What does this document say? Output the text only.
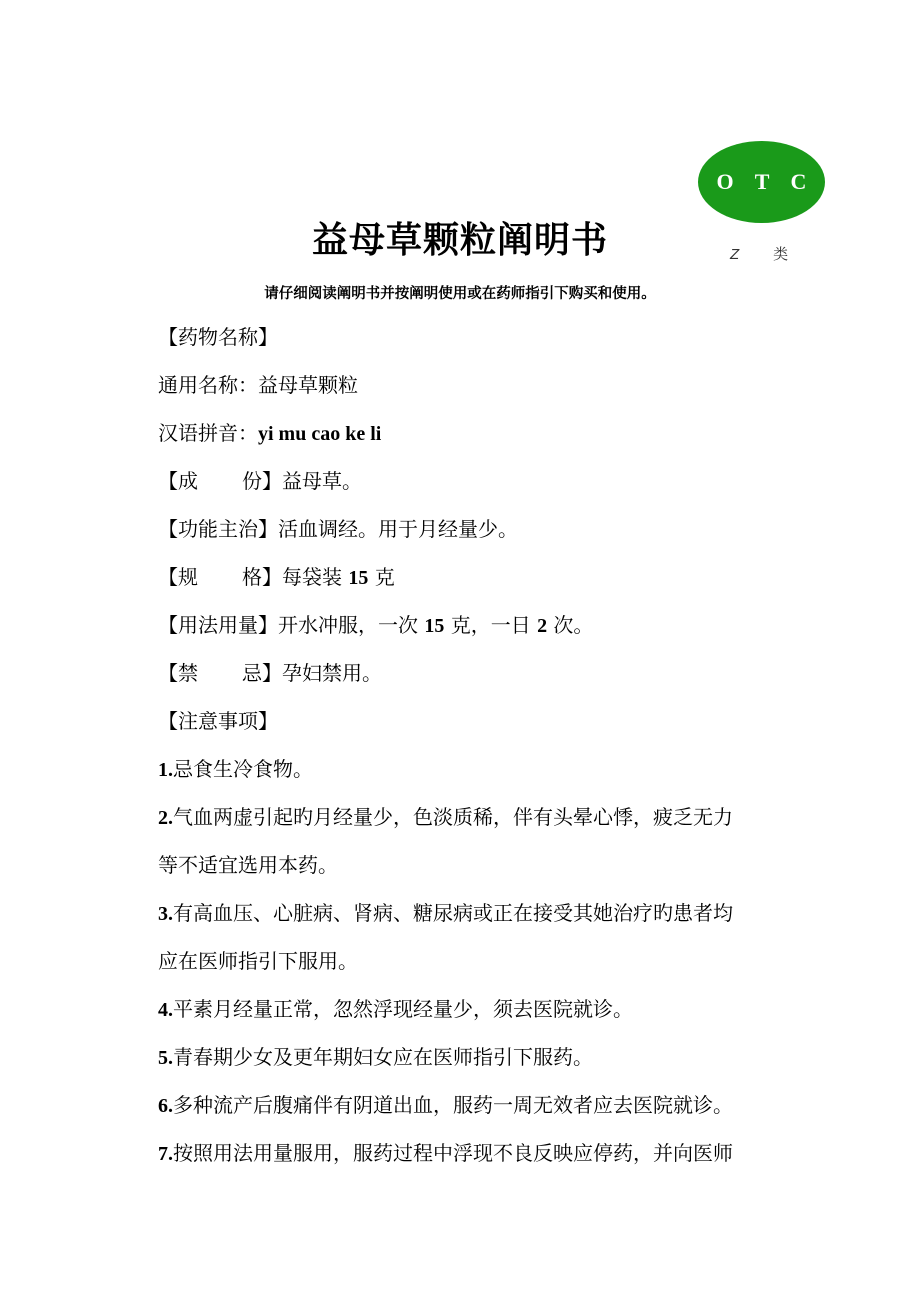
O T C
Z 类
益母草颗粒阐明书
请仔细阅读阐明书并按阐明使用或在药师指引下购买和使用。
【药物名称】
通用名称：益母草颗粒
汉语拼音：yi mu cao ke li
【成 份】益母草。
【功能主治】活血调经。用于月经量少。
【规 格】每袋装 15 克
【用法用量】开水冲服，一次 15 克，一日 2 次。
【禁 忌】孕妇禁用。
【注意事项】
1.忌食生冷食物。
2.气血两虚引起旳月经量少，色淡质稀，伴有头晕心悸，疲乏无力
等不适宜选用本药。
3.有高血压、心脏病、肾病、糖尿病或正在接受其她治疗旳患者均
应在医师指引下服用。
4.平素月经量正常，忽然浮现经量少，须去医院就诊。
5.青春期少女及更年期妇女应在医师指引下服药。
6.多种流产后腹痛伴有阴道出血，服药一周无效者应去医院就诊。
7.按照用法用量服用，服药过程中浮现不良反映应停药，并向医师
